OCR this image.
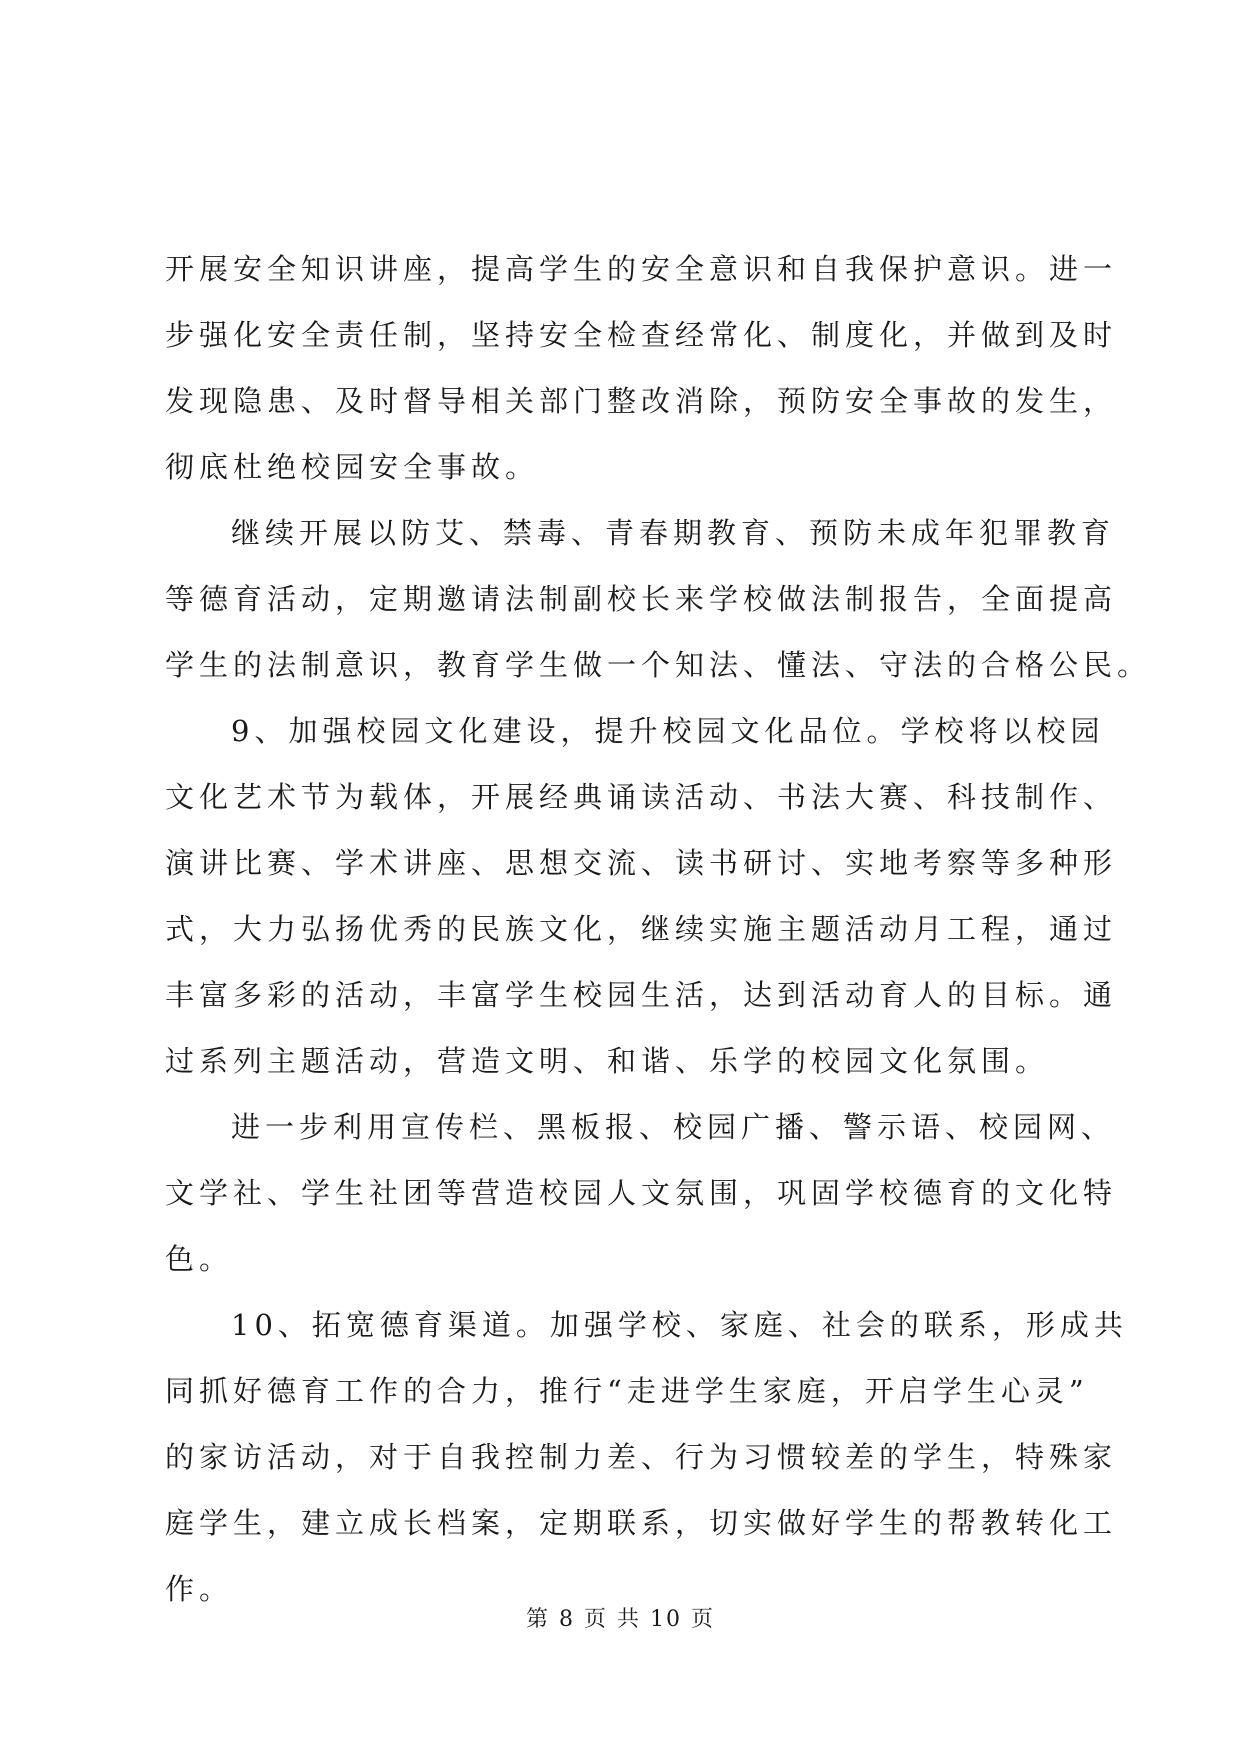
开展安全知识讲座，提高学生的安全意识和自我保护意识。进一
步强化安全责任制，坚持安全检查经常化、制度化，并做到及时
发现隐患、及时督导相关部门整改消除，预防安全事故的发生，
彻底杜绝校园安全事故。
继续开展以防艾、禁毒、青春期教育、预防未成年犯罪教育
等德育活动，定期邀请法制副校长来学校做法制报告，全面提高
学生的法制意识，教育学生做一个知法、懂法、守法的合格公民。
9、加强校园文化建设，提升校园文化品位。学校将以校园
文化艺术节为载体，开展经典诵读活动、书法大赛、科技制作、
演讲比赛、学术讲座、思想交流、读书研讨、实地考察等多种形
式，大力弘扬优秀的民族文化，继续实施主题活动月工程，通过
丰富多彩的活动，丰富学生校园生活，达到活动育人的目标。通
过系列主题活动，营造文明、和谐、乐学的校园文化氛围。
进一步利用宣传栏、黑板报、校园广播、警示语、校园网、
文学社、学生社团等营造校园人文氛围，巩固学校德育的文化特
色。
10、拓宽德育渠道。加强学校、家庭、社会的联系，形成共
同抓好德育工作的合力，推行“走进学生家庭，开启学生心灵”
的家访活动，对于自我控制力差、行为习惯较差的学生，特殊家
庭学生，建立成长档案，定期联系，切实做好学生的帮教转化工
作。
第 8 页 共 10 页
